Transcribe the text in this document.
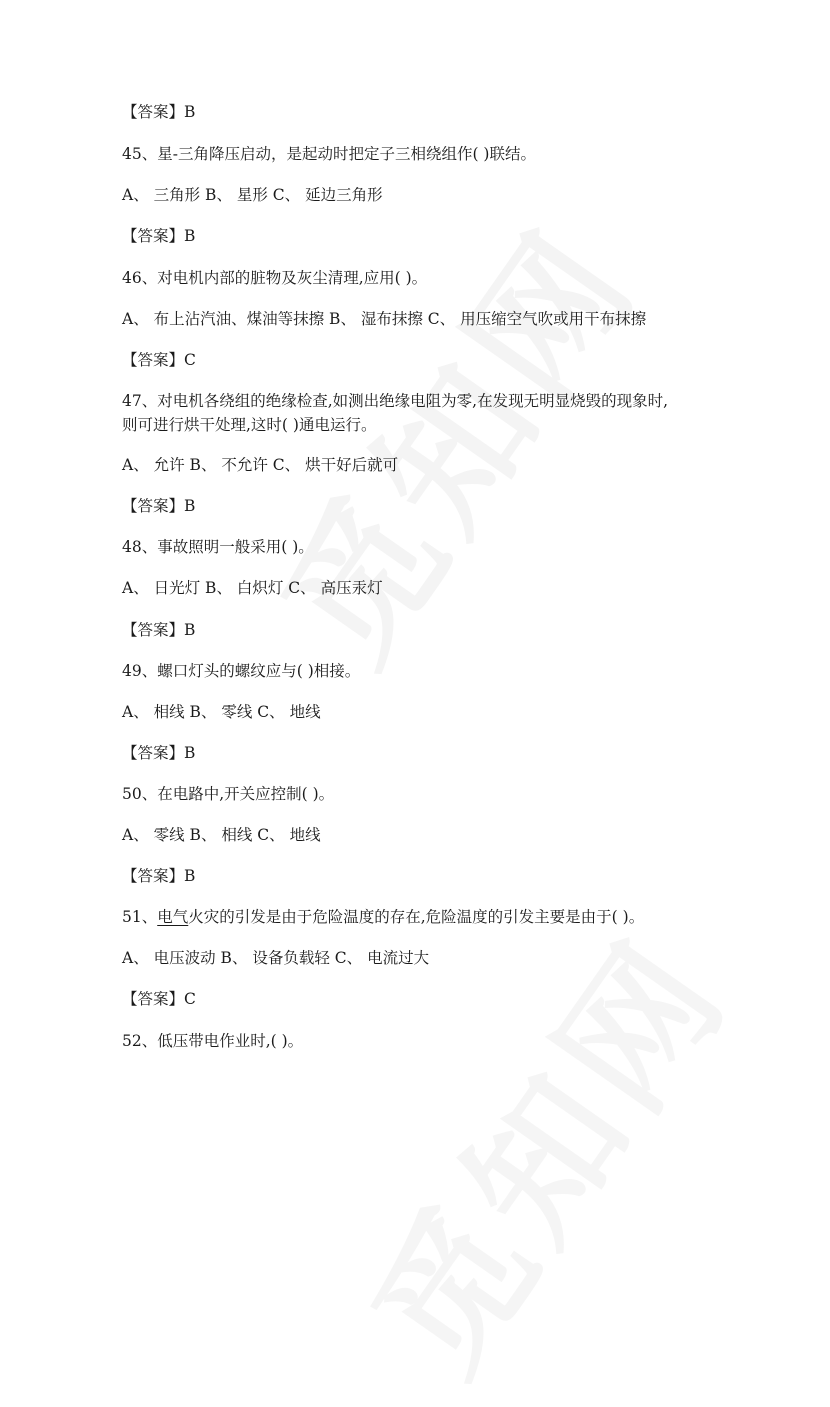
【答案】B
45、星-三角降压启动，是起动时把定子三相绕组作( )联结。
A、 三角形 B、 星形 C、 延边三角形
【答案】B
46、对电机内部的脏物及灰尘清理,应用( )。
A、 布上沾汽油、煤油等抹擦 B、 湿布抹擦 C、 用压缩空气吹或用干布抹擦
【答案】C
47、对电机各绕组的绝缘检查,如测出绝缘电阻为零,在发现无明显烧毁的现象时,
则可进行烘干处理,这时( )通电运行。
A、 允许 B、 不允许 C、 烘干好后就可
【答案】B
48、事故照明一般采用( )。
A、 日光灯 B、 白炽灯 C、 高压汞灯
【答案】B
49、螺口灯头的螺纹应与( )相接。
A、 相线 B、 零线 C、 地线
【答案】B
50、在电路中,开关应控制( )。
A、 零线 B、 相线 C、 地线
【答案】B
51、电气火灾的引发是由于危险温度的存在,危险温度的引发主要是由于( )。
A、 电压波动 B、 设备负载轻 C、 电流过大
【答案】C
52、低压带电作业时,( )。
